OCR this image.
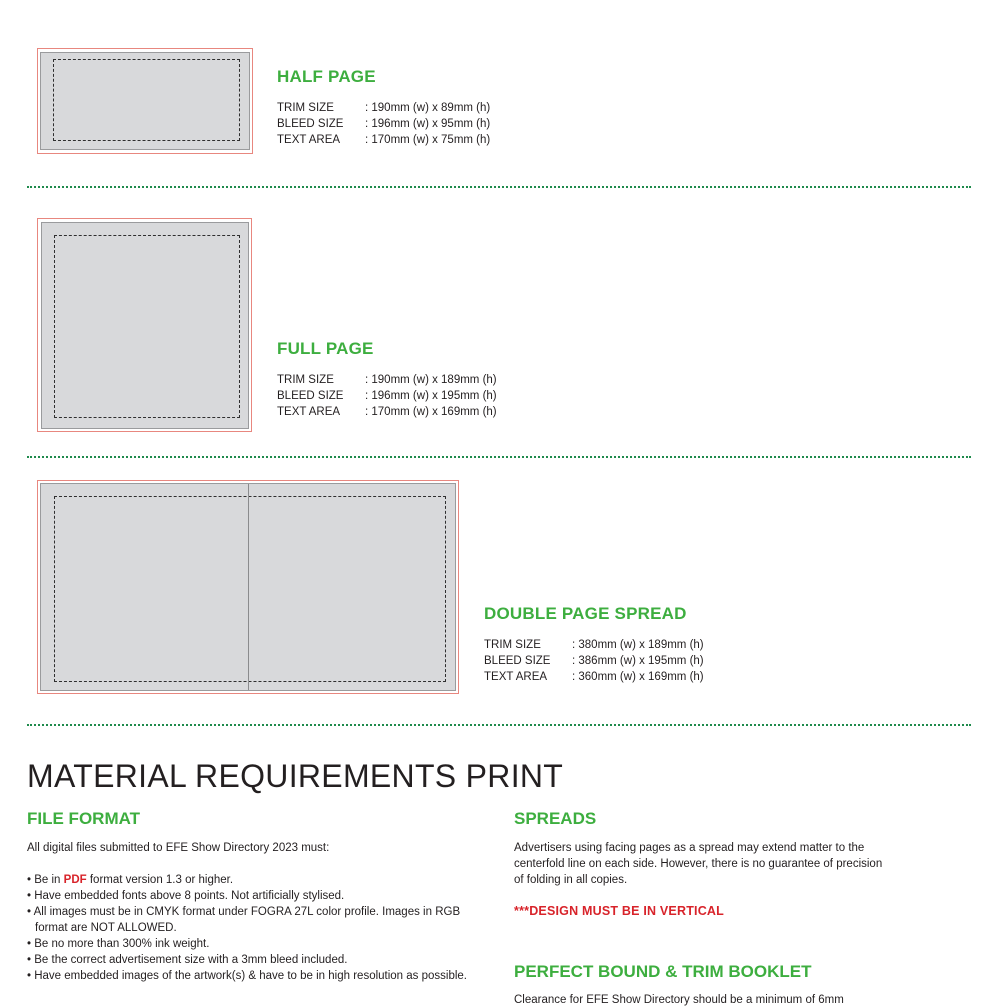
HALF PAGE
TRIM SIZE	: 190mm (w) x 89mm (h)
BLEED SIZE : 196mm (w) x 95mm (h)
TEXT AREA : 170mm (w) x 75mm (h)
FULL PAGE
TRIM SIZE	: 190mm (w) x 189mm (h)
BLEED SIZE : 196mm (w) x 195mm (h)
TEXT AREA : 170mm (w) x 169mm (h)
DOUBLE PAGE SPREAD
TRIM SIZE	: 380mm (w) x 189mm (h)
BLEED SIZE : 386mm (w) x 195mm (h)
TEXT AREA : 360mm (w) x 169mm (h)
MATERIAL REQUIREMENTS PRINT
FILE FORMAT
All digital files submitted to EFE Show Directory 2023 must:
• Be in PDF format version 1.3 or higher.
• Have embedded fonts above 8 points. Not artificially stylised.
• All images must be in CMYK format under FOGRA 27L color profile. Images in RGB format are NOT ALLOWED.
• Be no more than 300% ink weight.
• Be the correct advertisement size with a 3mm bleed included.
• Have embedded images of the artwork(s) & have to be in high resolution as possible.
SPREADS
Advertisers using facing pages as a spread may extend matter to the centerfold line on each side. However, there is no guarantee of precision of folding in all copies.
***DESIGN MUST BE IN VERTICAL
PERFECT BOUND & TRIM BOOKLET
Clearance for EFE Show Directory should be a minimum of 6mm
